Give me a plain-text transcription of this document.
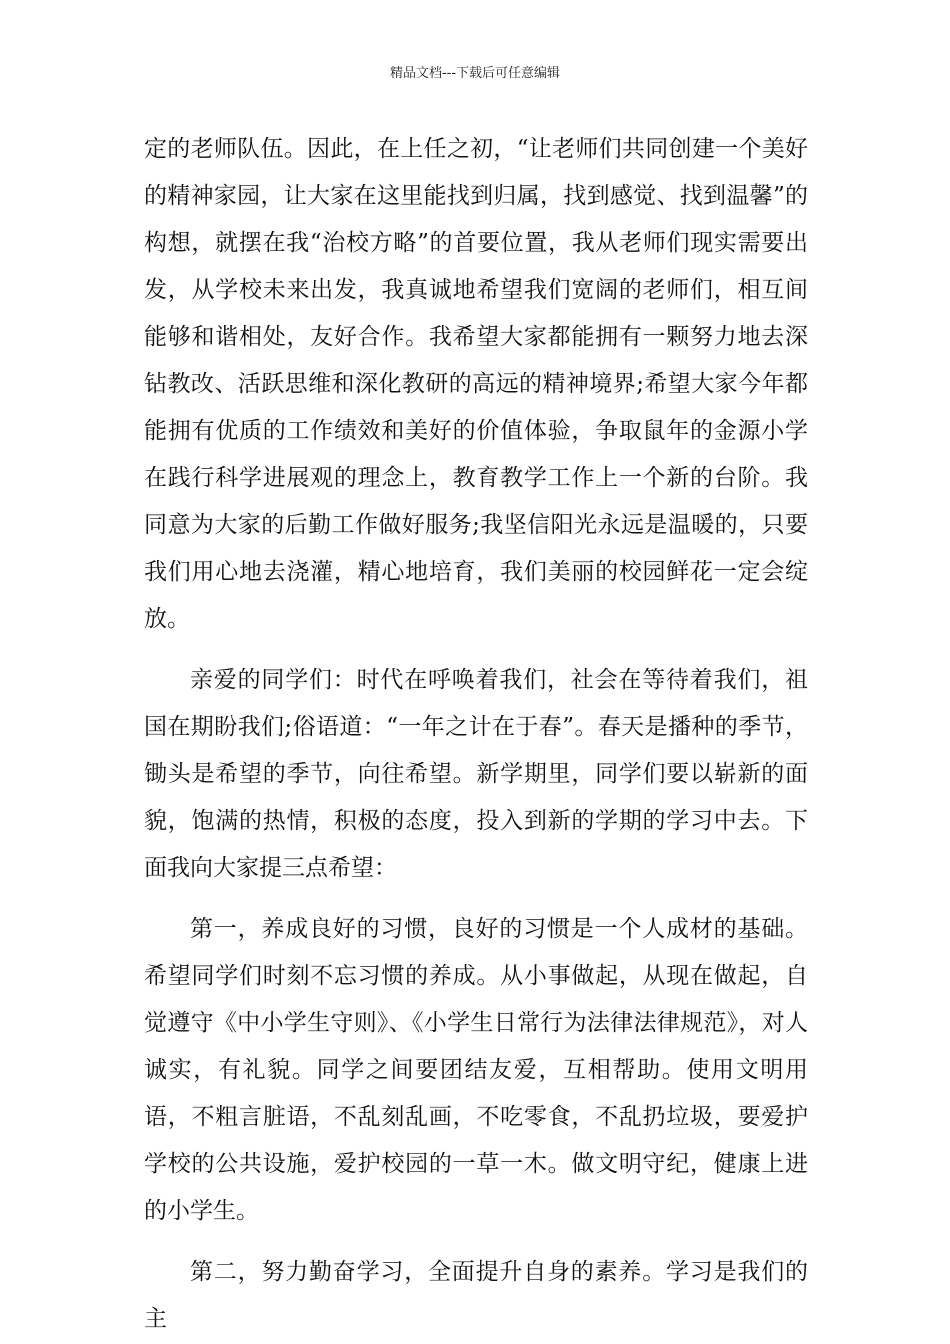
精品文档---下载后可任意编辑

定的老师队伍。因此，在上任之初，“让老师们共同创建一个美好的精神家园，让大家在这里能找到归属，找到感觉、找到温馨”的构想，就摆在我“治校方略”的首要位置，我从老师们现实需要出发，从学校未来出发，我真诚地希望我们宽阔的老师们，相互间能够和谐相处，友好合作。我希望大家都能拥有一颗努力地去深钻教改、活跃思维和深化教研的高远的精神境界;希望大家今年都能拥有优质的工作绩效和美好的价值体验，争取鼠年的金源小学在践行科学进展观的理念上，教育教学工作上一个新的台阶。我同意为大家的后勤工作做好服务;我坚信阳光永远是温暖的，只要我们用心地去浇灌，精心地培育，我们美丽的校园鲜花一定会绽放。

亲爱的同学们：时代在呼唤着我们，社会在等待着我们，祖国在期盼我们;俗语道：“一年之计在于春”。春天是播种的季节，锄头是希望的季节，向往希望。新学期里，同学们要以崭新的面貌，饱满的热情，积极的态度，投入到新的学期的学习中去。下面我向大家提三点希望：

第一，养成良好的习惯，良好的习惯是一个人成材的基础。希望同学们时刻不忘习惯的养成。从小事做起，从现在做起，自觉遵守《中小学生守则》、《小学生日常行为法律法律规范》，对人诚实，有礼貌。同学之间要团结友爱，互相帮助。使用文明用语，不粗言脏语，不乱刻乱画，不吃零食，不乱扔垃圾，要爱护学校的公共设施，爱护校园的一草一木。做文明守纪，健康上进的小学生。

第二，努力勤奋学习，全面提升自身的素养。学习是我们的主
